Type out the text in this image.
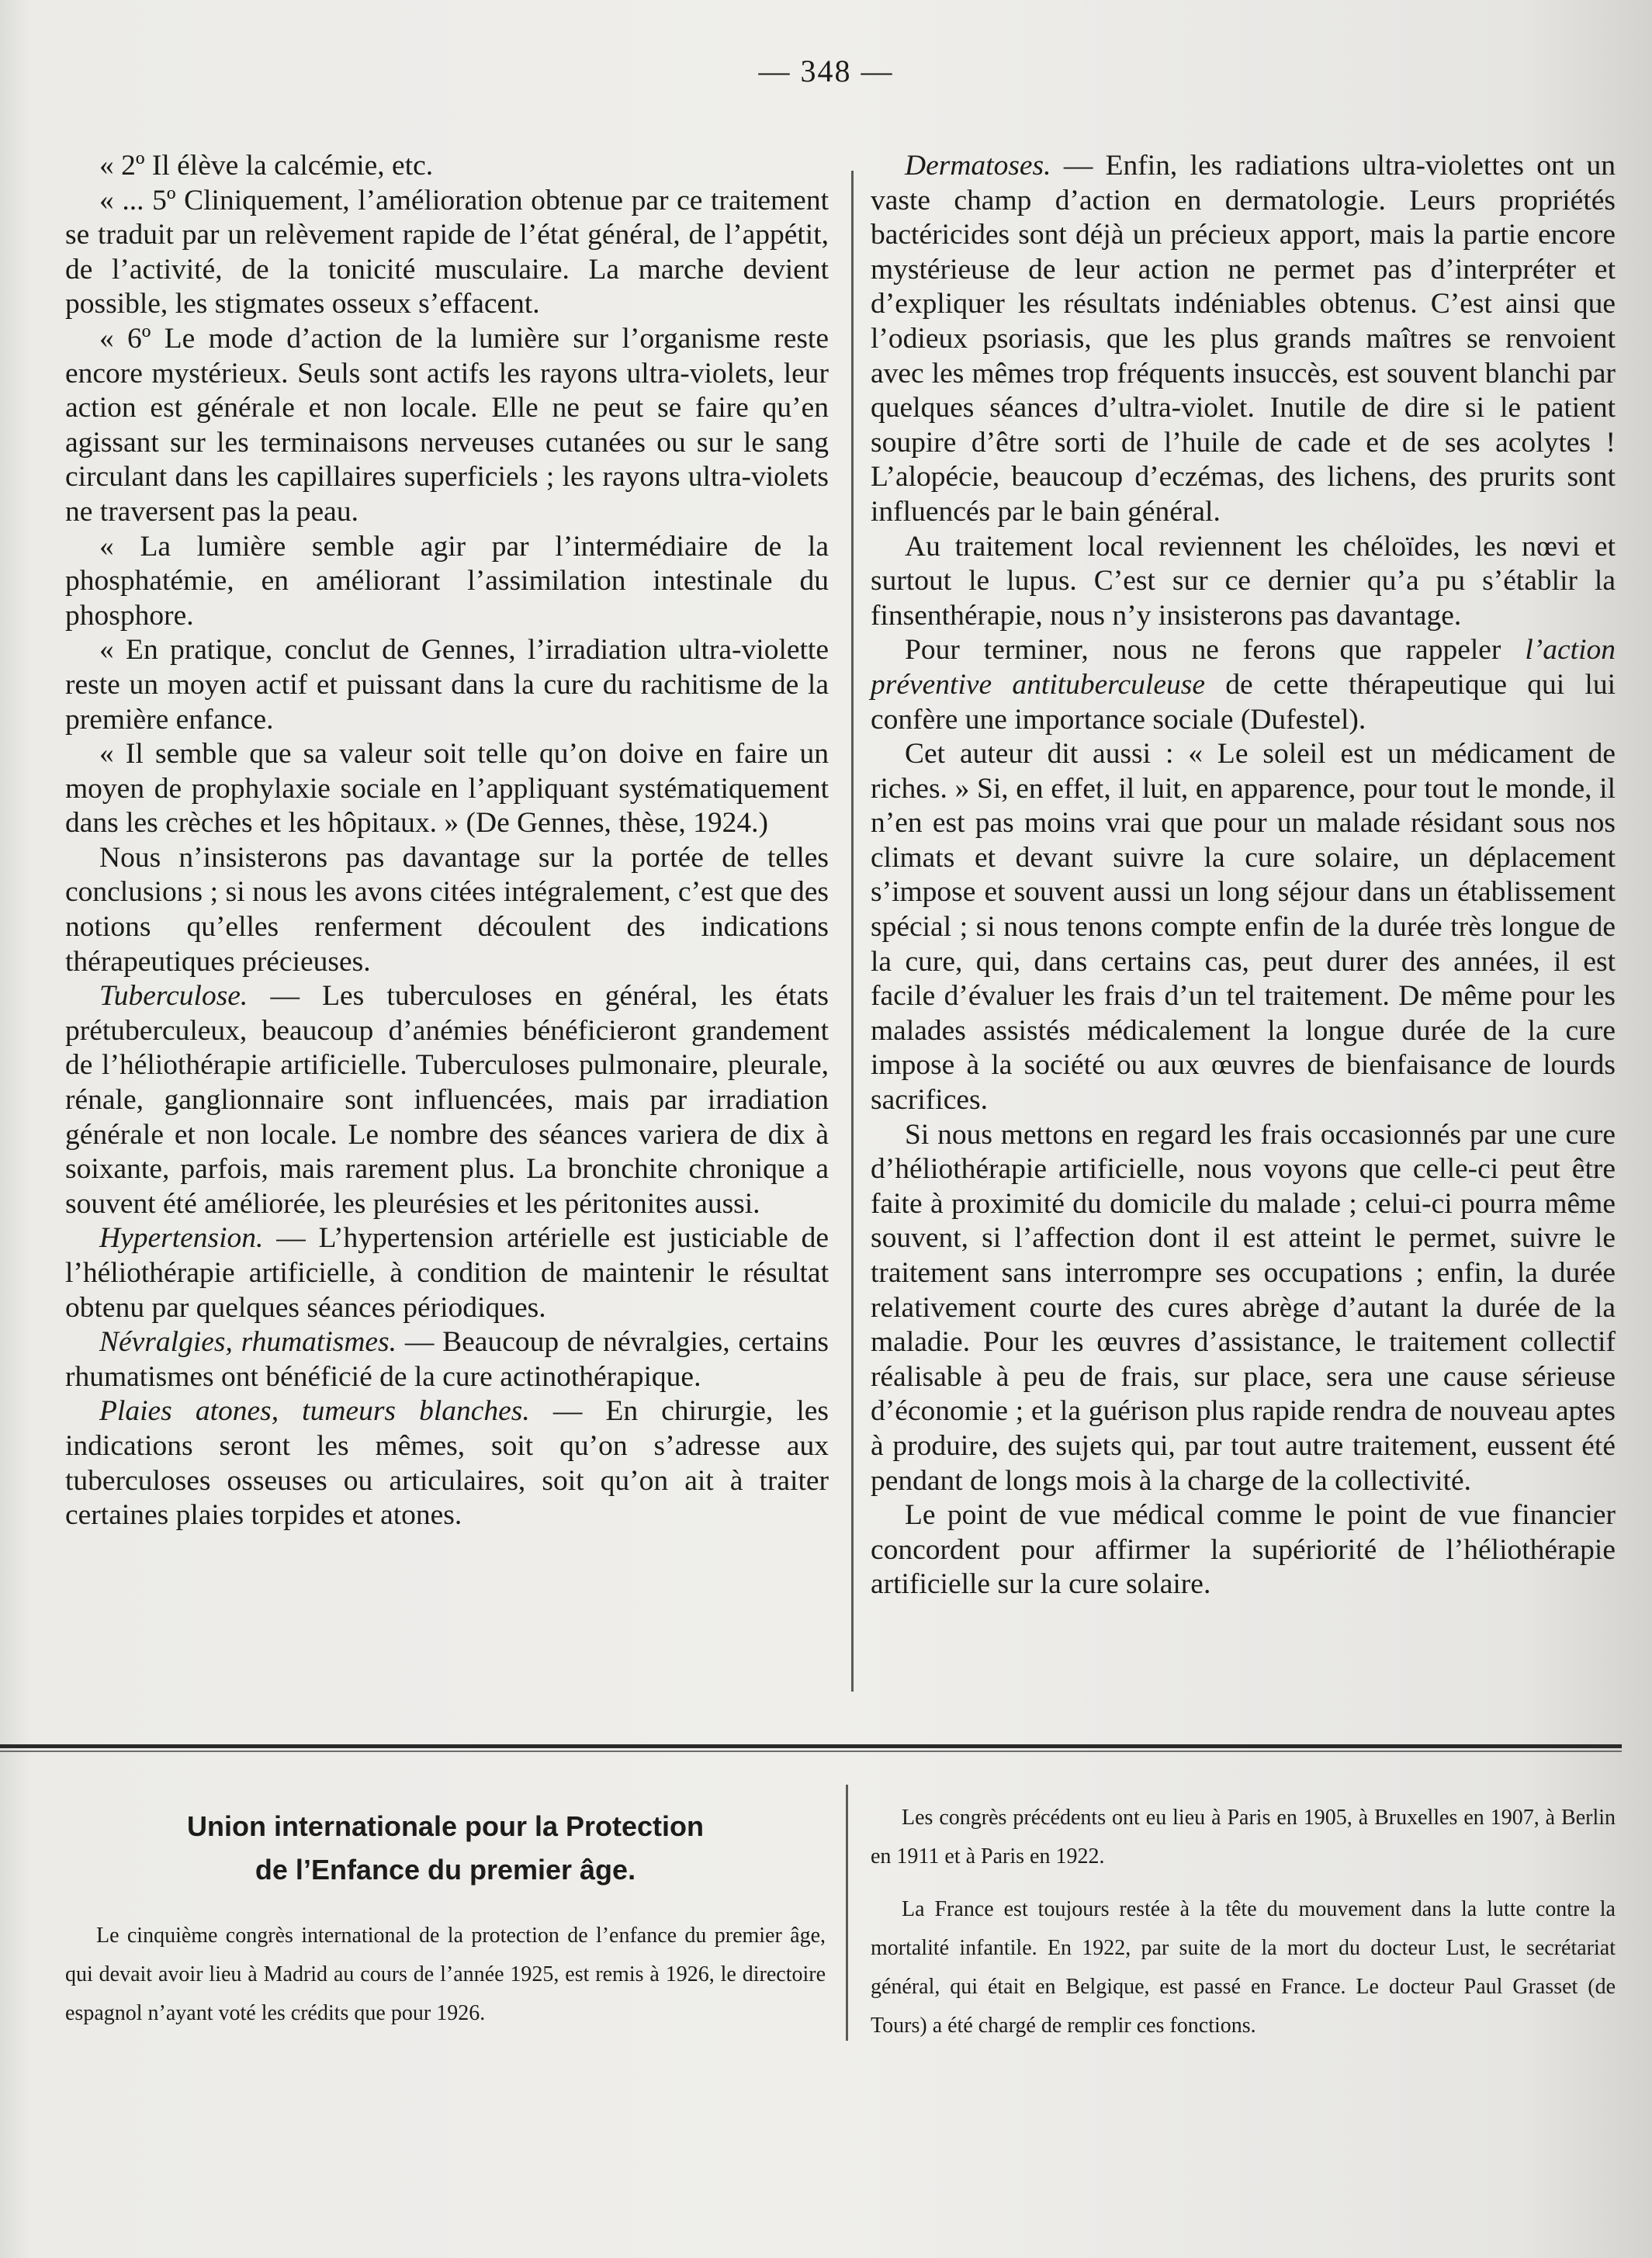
— 348 —

« 2º Il élève la calcémie, etc.

« ... 5º Cliniquement, l’amélioration obtenue par ce traitement se traduit par un relèvement rapide de l’état général, de l’appétit, de l’activité, de la tonicité musculaire. La marche devient possible, les stigmates osseux s’effacent.

« 6º Le mode d’action de la lumière sur l’organisme reste encore mystérieux. Seuls sont actifs les rayons ultra-violets, leur action est générale et non locale. Elle ne peut se faire qu’en agissant sur les terminaisons nerveuses cutanées ou sur le sang circulant dans les capillaires superficiels ; les rayons ultra-violets ne traversent pas la peau.

« La lumière semble agir par l’intermédiaire de la phosphatémie, en améliorant l’assimilation intestinale du phosphore.

« En pratique, conclut de Gennes, l’irradiation ultra-violette reste un moyen actif et puissant dans la cure du rachitisme de la première enfance.

« Il semble que sa valeur soit telle qu’on doive en faire un moyen de prophylaxie sociale en l’appliquant systématiquement dans les crèches et les hôpitaux. » (De Gennes, thèse, 1924.)

Nous n’insisterons pas davantage sur la portée de telles conclusions ; si nous les avons citées intégralement, c’est que des notions qu’elles renferment découlent des indications thérapeutiques précieuses.

Tuberculose. — Les tuberculoses en général, les états prétuberculeux, beaucoup d’anémies bénéficieront grandement de l’héliothérapie artificielle. Tuberculoses pulmonaire, pleurale, rénale, ganglionnaire sont influencées, mais par irradiation générale et non locale. Le nombre des séances variera de dix à soixante, parfois, mais rarement plus. La bronchite chronique a souvent été améliorée, les pleurésies et les péritonites aussi.

Hypertension. — L’hypertension artérielle est justiciable de l’héliothérapie artificielle, à condition de maintenir le résultat obtenu par quelques séances périodiques.

Névralgies, rhumatismes. — Beaucoup de névralgies, certains rhumatismes ont bénéficié de la cure actinothérapique.

Plaies atones, tumeurs blanches. — En chirurgie, les indications seront les mêmes, soit qu’on s’adresse aux tuberculoses osseuses ou articulaires, soit qu’on ait à traiter certaines plaies torpides et atones.

Dermatoses. — Enfin, les radiations ultra-violettes ont un vaste champ d’action en dermatologie. Leurs propriétés bactéricides sont déjà un précieux apport, mais la partie encore mystérieuse de leur action ne permet pas d’interpréter et d’expliquer les résultats indéniables obtenus. C’est ainsi que l’odieux psoriasis, que les plus grands maîtres se renvoient avec les mêmes trop fréquents insuccès, est souvent blanchi par quelques séances d’ultra-violet. Inutile de dire si le patient soupire d’être sorti de l’huile de cade et de ses acolytes ! L’alopécie, beaucoup d’eczémas, des lichens, des prurits sont influencés par le bain général.

Au traitement local reviennent les chéloïdes, les nœvi et surtout le lupus. C’est sur ce dernier qu’a pu s’établir la finsenthérapie, nous n’y insisterons pas davantage.

Pour terminer, nous ne ferons que rappeler l’action préventive antituberculeuse de cette thérapeutique qui lui confère une importance sociale (Dufestel).

Cet auteur dit aussi : « Le soleil est un médicament de riches. » Si, en effet, il luit, en apparence, pour tout le monde, il n’en est pas moins vrai que pour un malade résidant sous nos climats et devant suivre la cure solaire, un déplacement s’impose et souvent aussi un long séjour dans un établissement spécial ; si nous tenons compte enfin de la durée très longue de la cure, qui, dans certains cas, peut durer des années, il est facile d’évaluer les frais d’un tel traitement. De même pour les malades assistés médicalement la longue durée de la cure impose à la société ou aux œuvres de bienfaisance de lourds sacrifices.

Si nous mettons en regard les frais occasionnés par une cure d’héliothérapie artificielle, nous voyons que celle-ci peut être faite à proximité du domicile du malade ; celui-ci pourra même souvent, si l’affection dont il est atteint le permet, suivre le traitement sans interrompre ses occupations ; enfin, la durée relativement courte des cures abrège d’autant la durée de la maladie. Pour les œuvres d’assistance, le traitement collectif réalisable à peu de frais, sur place, sera une cause sérieuse d’économie ; et la guérison plus rapide rendra de nouveau aptes à produire, des sujets qui, par tout autre traitement, eussent été pendant de longs mois à la charge de la collectivité.

Le point de vue médical comme le point de vue financier concordent pour affirmer la supériorité de l’héliothérapie artificielle sur la cure solaire.

Union internationale pour la Protection
de l’Enfance du premier âge.

Le cinquième congrès international de la protection de l’enfance du premier âge, qui devait avoir lieu à Madrid au cours de l’année 1925, est remis à 1926, le directoire espagnol n’ayant voté les crédits que pour 1926.

Les congrès précédents ont eu lieu à Paris en 1905, à Bruxelles en 1907, à Berlin en 1911 et à Paris en 1922.

La France est toujours restée à la tête du mouvement dans la lutte contre la mortalité infantile. En 1922, par suite de la mort du docteur Lust, le secrétariat général, qui était en Belgique, est passé en France. Le docteur Paul Grasset (de Tours) a été chargé de remplir ces fonctions.
